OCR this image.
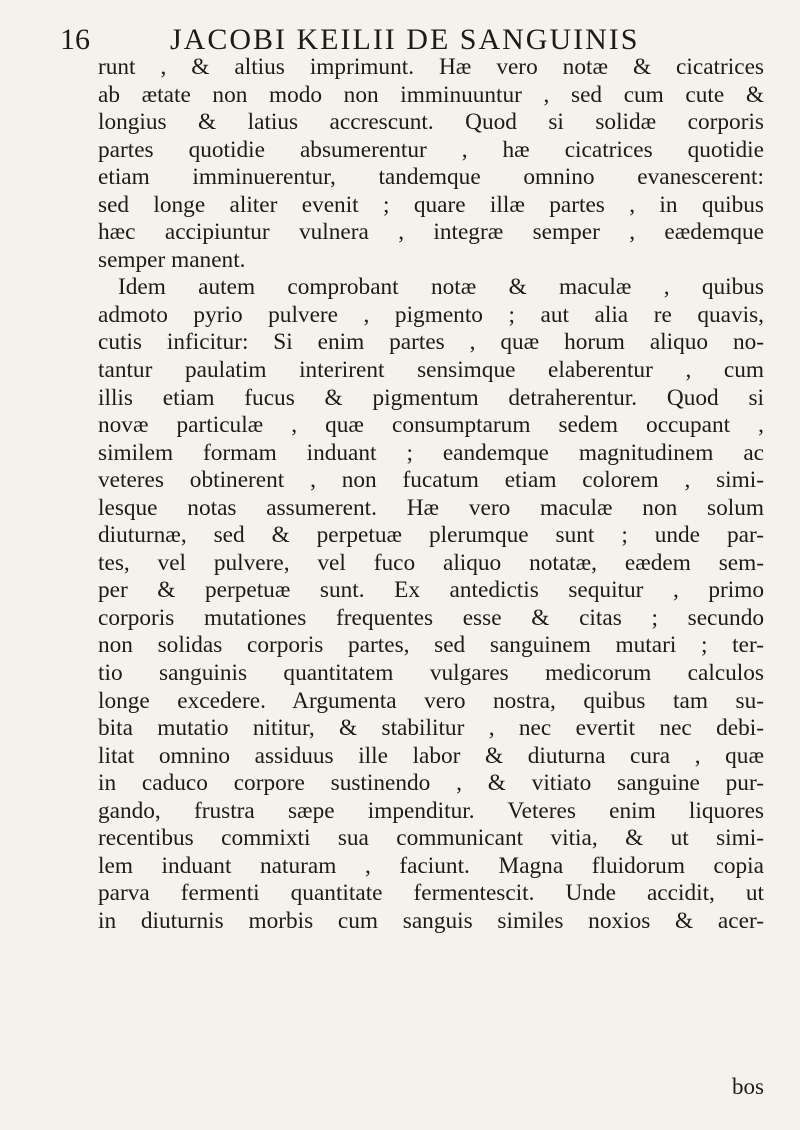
16	JACOBI KEILII DE SANGUINIS
runt , & altius imprimunt. Hæ vero notæ & cicatrices
ab ætate non modo non imminuuntur , sed cum cute &
longius & latius accrescunt. Quod si solidæ corporis
partes quotidie absumerentur , hæ cicatrices quotidie
etiam imminuerentur, tandemque omnino evanescerent:
sed longe aliter evenit ; quare illæ partes , in quibus
hæc accipiuntur vulnera , integræ semper , eædemque
semper manent.
Idem autem comprobant notæ & maculæ , quibus
admoto pyrio pulvere , pigmento ; aut alia re quavis,
cutis inficitur: Si enim partes , quæ horum aliquo no-
tantur paulatim interirent sensimque elaberentur , cum
illis etiam fucus & pigmentum detraherentur. Quod si
novæ particulæ , quæ consumptarum sedem occupant ,
similem formam induant ; eandemque magnitudinem ac
veteres obtinerent , non fucatum etiam colorem , simi-
lesque notas assumerent. Hæ vero maculæ non solum
diuturnæ, sed & perpetuæ plerumque sunt ; unde par-
tes, vel pulvere, vel fuco aliquo notatæ, eædem sem-
per & perpetuæ sunt. Ex antedictis sequitur , primo
corporis mutationes frequentes esse & citas ; secundo
non solidas corporis partes, sed sanguinem mutari ; ter-
tio sanguinis quantitatem vulgares medicorum calculos
longe excedere. Argumenta vero nostra, quibus tam su-
bita mutatio nititur, & stabilitur , nec evertit nec debi-
litat omnino assiduus ille labor & diuturna cura , quæ
in caduco corpore sustinendo , & vitiato sanguine pur-
gando, frustra sæpe impenditur. Veteres enim liquores
recentibus commixti sua communicant vitia, & ut simi-
lem induant naturam , faciunt. Magna fluidorum copia
parva fermenti quantitate fermentescit. Unde accidit, ut
in diuturnis morbis cum sanguis similes noxios & acer-
bos
